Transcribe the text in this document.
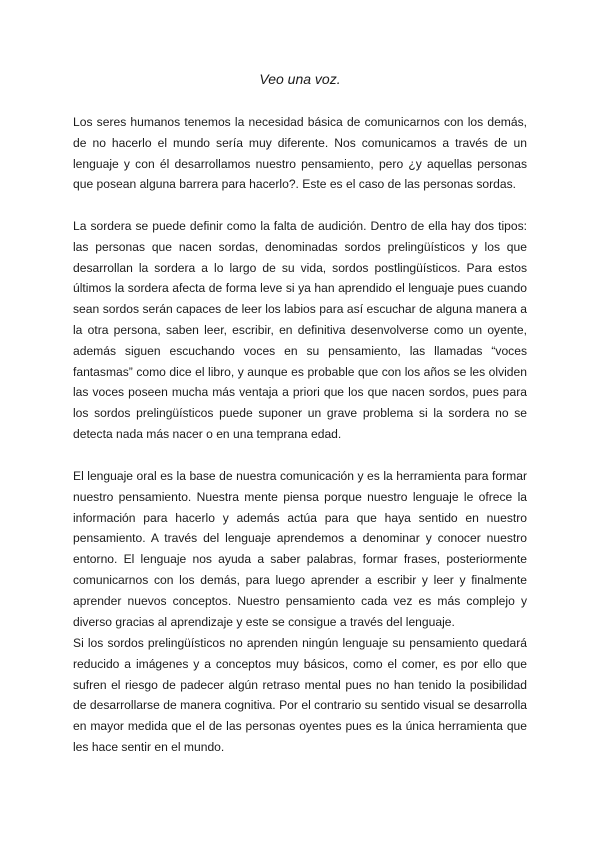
Veo una voz.

Los seres humanos tenemos la necesidad básica de comunicarnos con los demás, de no hacerlo el mundo sería muy diferente. Nos comunicamos a través de un lenguaje y con él desarrollamos nuestro pensamiento, pero ¿y aquellas personas que posean alguna barrera para hacerlo?. Este es el caso de las personas sordas.

La sordera se puede definir como la falta de audición. Dentro de ella hay dos tipos: las personas que nacen sordas, denominadas sordos prelingüísticos y los que desarrollan la sordera a lo largo de su vida, sordos postlingüísticos. Para estos últimos la sordera afecta de forma leve si ya han aprendido el lenguaje pues cuando sean sordos serán capaces de leer los labios para así escuchar de alguna manera a la otra persona, saben leer, escribir, en definitiva desenvolverse como un oyente, además siguen escuchando voces en su pensamiento, las llamadas “voces fantasmas” como dice el libro, y aunque es probable que con los años se les olviden las voces poseen mucha más ventaja a priori que los que nacen sordos, pues para los sordos prelingüísticos puede suponer un grave problema si la sordera no se detecta nada más nacer o en una temprana edad.

El lenguaje oral es la base de nuestra comunicación y es la herramienta para formar nuestro pensamiento. Nuestra mente piensa porque nuestro lenguaje le ofrece la información para hacerlo y además actúa para que haya sentido en nuestro pensamiento. A través del lenguaje aprendemos a denominar y conocer nuestro entorno. El lenguaje nos ayuda a saber palabras, formar frases, posteriormente comunicarnos con los demás, para luego aprender a escribir y leer y finalmente aprender nuevos conceptos. Nuestro pensamiento cada vez es más complejo y diverso gracias al aprendizaje y este se consigue a través del lenguaje.

Si los sordos prelingüísticos no aprenden ningún lenguaje su pensamiento quedará reducido a imágenes y a conceptos muy básicos, como el comer, es por ello que sufren el riesgo de padecer algún retraso mental pues no han tenido la posibilidad de desarrollarse de manera cognitiva. Por el contrario su sentido visual se desarrolla en mayor medida que el de las personas oyentes pues es la única herramienta que les hace sentir en el mundo.
